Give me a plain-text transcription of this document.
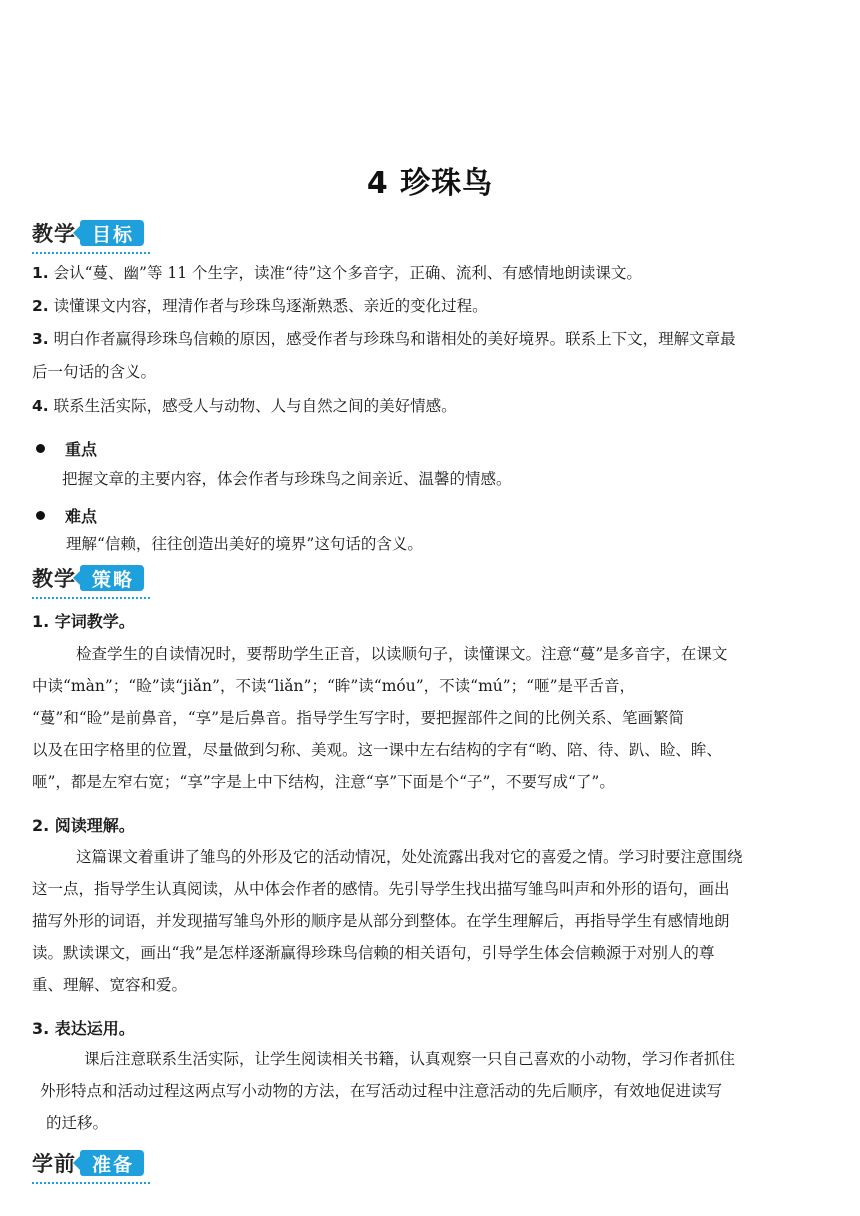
4 珍珠鸟
教学 目标
1. 会认“蔓、幽”等 11 个生字，读准“待”这个多音字，正确、流利、有感情地朗读课文。
2. 读懂课文内容，理清作者与珍珠鸟逐渐熟悉、亲近的变化过程。
3. 明白作者赢得珍珠鸟信赖的原因，感受作者与珍珠鸟和谐相处的美好境界。联系上下文，理解文章最
后一句话的含义。
4. 联系生活实际，感受人与动物、人与自然之间的美好情感。
重点
把握文章的主要内容，体会作者与珍珠鸟之间亲近、温馨的情感。
难点
理解“信赖，往往创造出美好的境界”这句话的含义。
教学 策略
1. 字词教学。
检查学生的自读情况时，要帮助学生正音，以读顺句子，读懂课文。注意“蔓”是多音字，在课文
中读“màn”；“睑”读“jiǎn”，不读“liǎn”；“眸”读“móu”，不读“mú”；“咂”是平舌音，
“蔓”和“睑”是前鼻音，“享”是后鼻音。指导学生写字时，要把握部件之间的比例关系、笔画繁简
以及在田字格里的位置，尽量做到匀称、美观。这一课中左右结构的字有“哟、陪、待、趴、睑、眸、
咂”，都是左窄右宽；“享”字是上中下结构，注意“享”下面是个“子”，不要写成“了”。
2. 阅读理解。
这篇课文着重讲了雏鸟的外形及它的活动情况，处处流露出我对它的喜爱之情。学习时要注意围绕
这一点，指导学生认真阅读，从中体会作者的感情。先引导学生找出描写雏鸟叫声和外形的语句，画出
描写外形的词语，并发现描写雏鸟外形的顺序是从部分到整体。在学生理解后，再指导学生有感情地朗
读。默读课文，画出“我”是怎样逐渐赢得珍珠鸟信赖的相关语句，引导学生体会信赖源于对别人的尊
重、理解、宽容和爱。
3. 表达运用。
课后注意联系生活实际，让学生阅读相关书籍，认真观察一只自己喜欢的小动物，学习作者抓住
外形特点和活动过程这两点写小动物的方法，在写活动过程中注意活动的先后顺序，有效地促进读写
的迁移。
学前 准备
